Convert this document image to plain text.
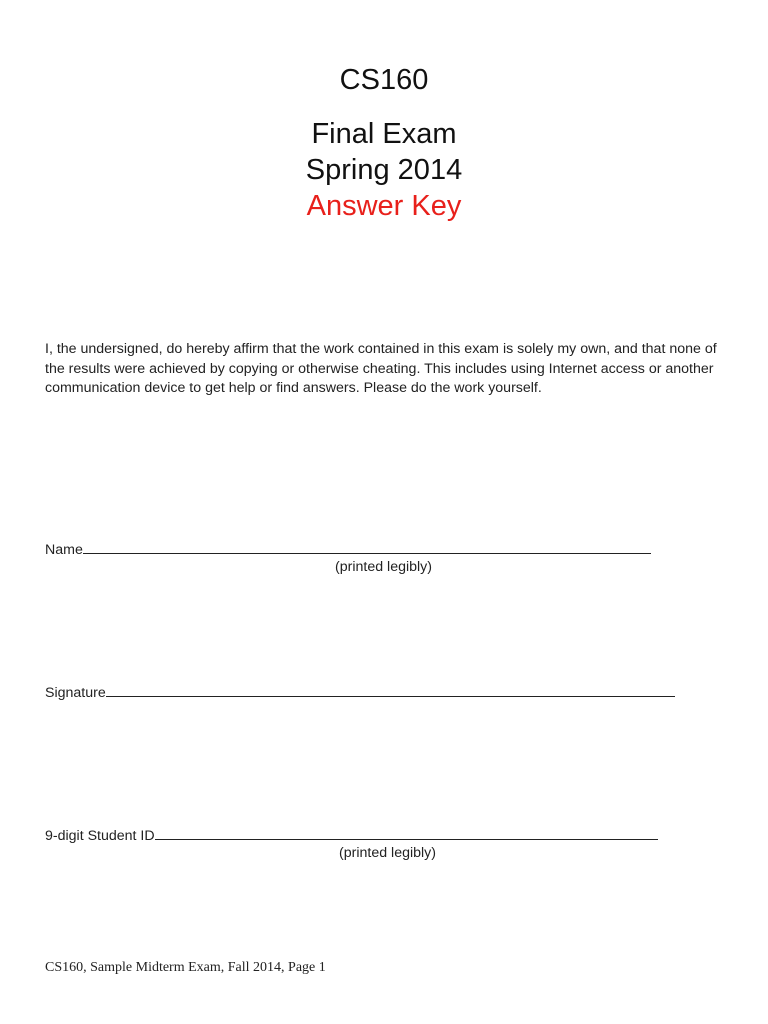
CS160
Final Exam
Spring 2014
Answer Key
I, the undersigned, do hereby affirm that the work contained in this exam is solely my own, and that none of the results were achieved by copying or otherwise cheating. This includes using Internet access or another communication device to get help or find answers. Please do the work yourself.
Name
(printed legibly)
Signature
9-digit Student ID
(printed legibly)
CS160, Sample Midterm Exam, Fall 2014, Page 1
